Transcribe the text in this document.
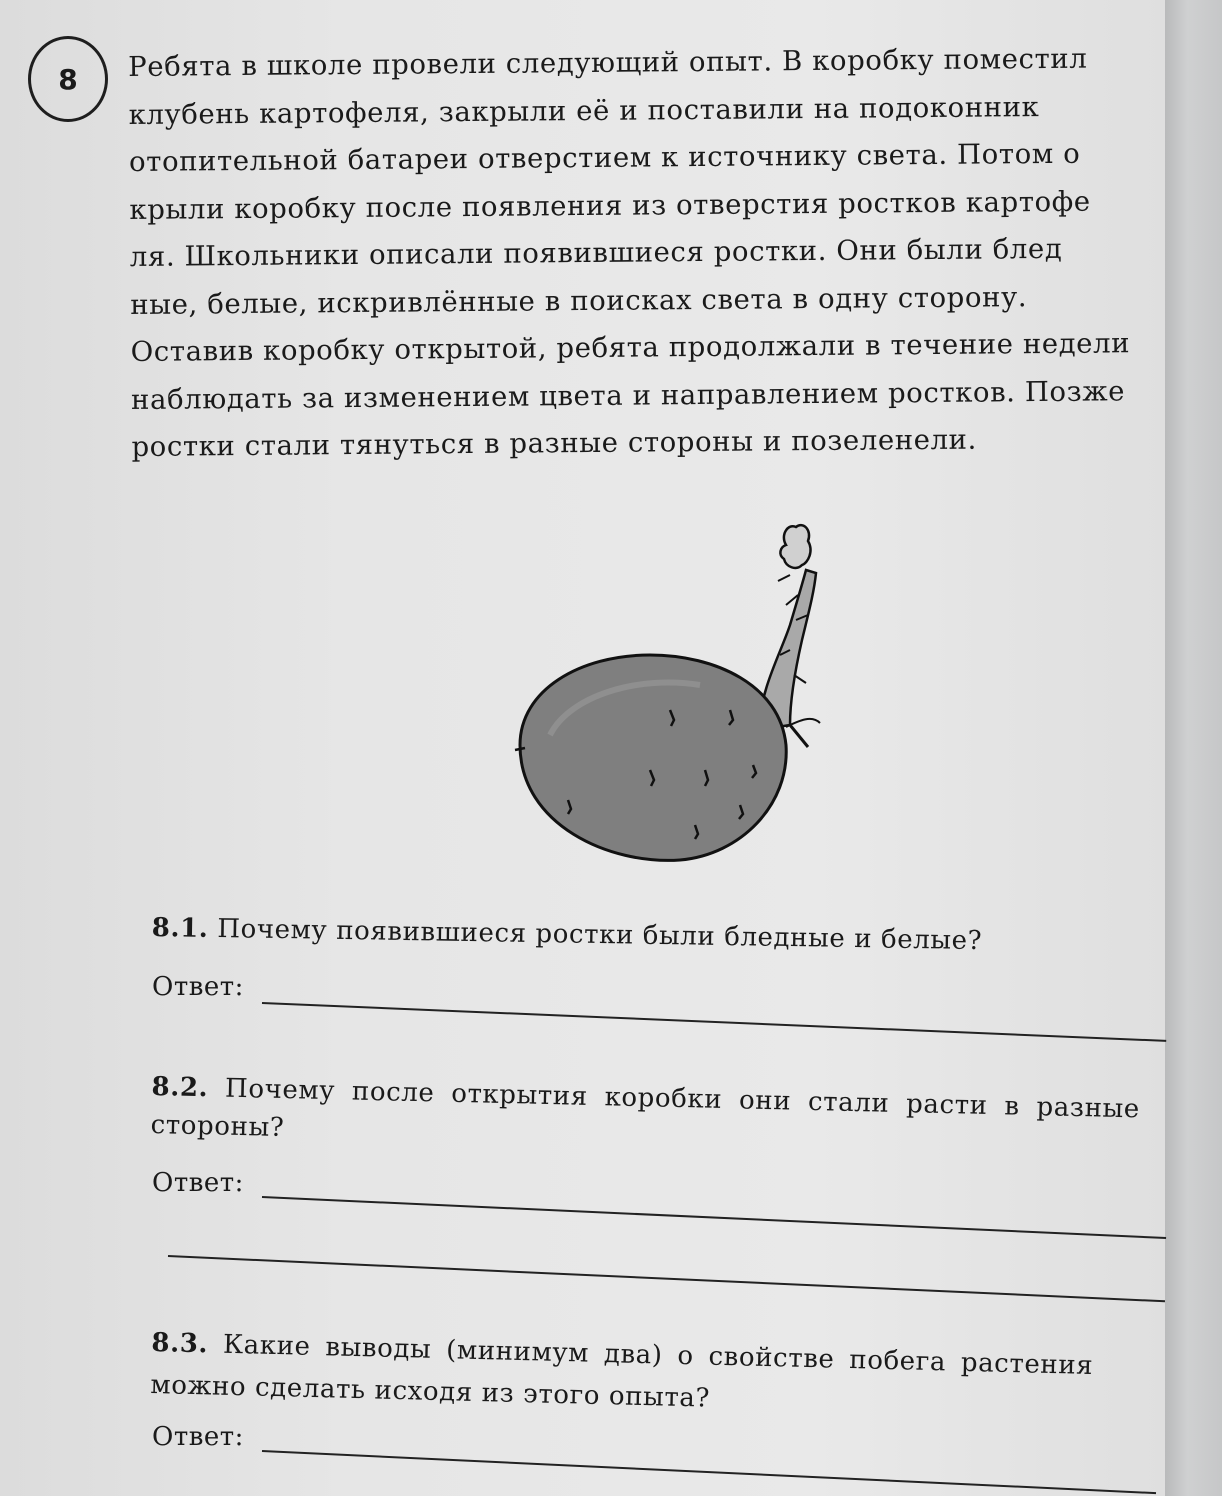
8 Ребята в школе провели следующий опыт. В коробку поместил
клубень картофеля, закрыли её и поставили на подоконник
отопительной батареи отверстием к источнику света. Потом о
крыли коробку после появления из отверстия ростков картофе
ля. Школьники описали появившиеся ростки. Они были блед
ные, белые, искривлённые в поисках света в одну сторону.
Оставив коробку открытой, ребята продолжали в течение недели
наблюдать за изменением цвета и направлением ростков. Позже
ростки стали тянуться в разные стороны и позеленели.
8.1. Почему появившиеся ростки были бледные и белые?
Ответ:
8.2. Почему после открытия коробки они стали расти в разные
стороны?
Ответ:
8.3. Какие выводы (минимум два) о свойстве побега растения
можно сделать исходя из этого опыта?
Ответ:
